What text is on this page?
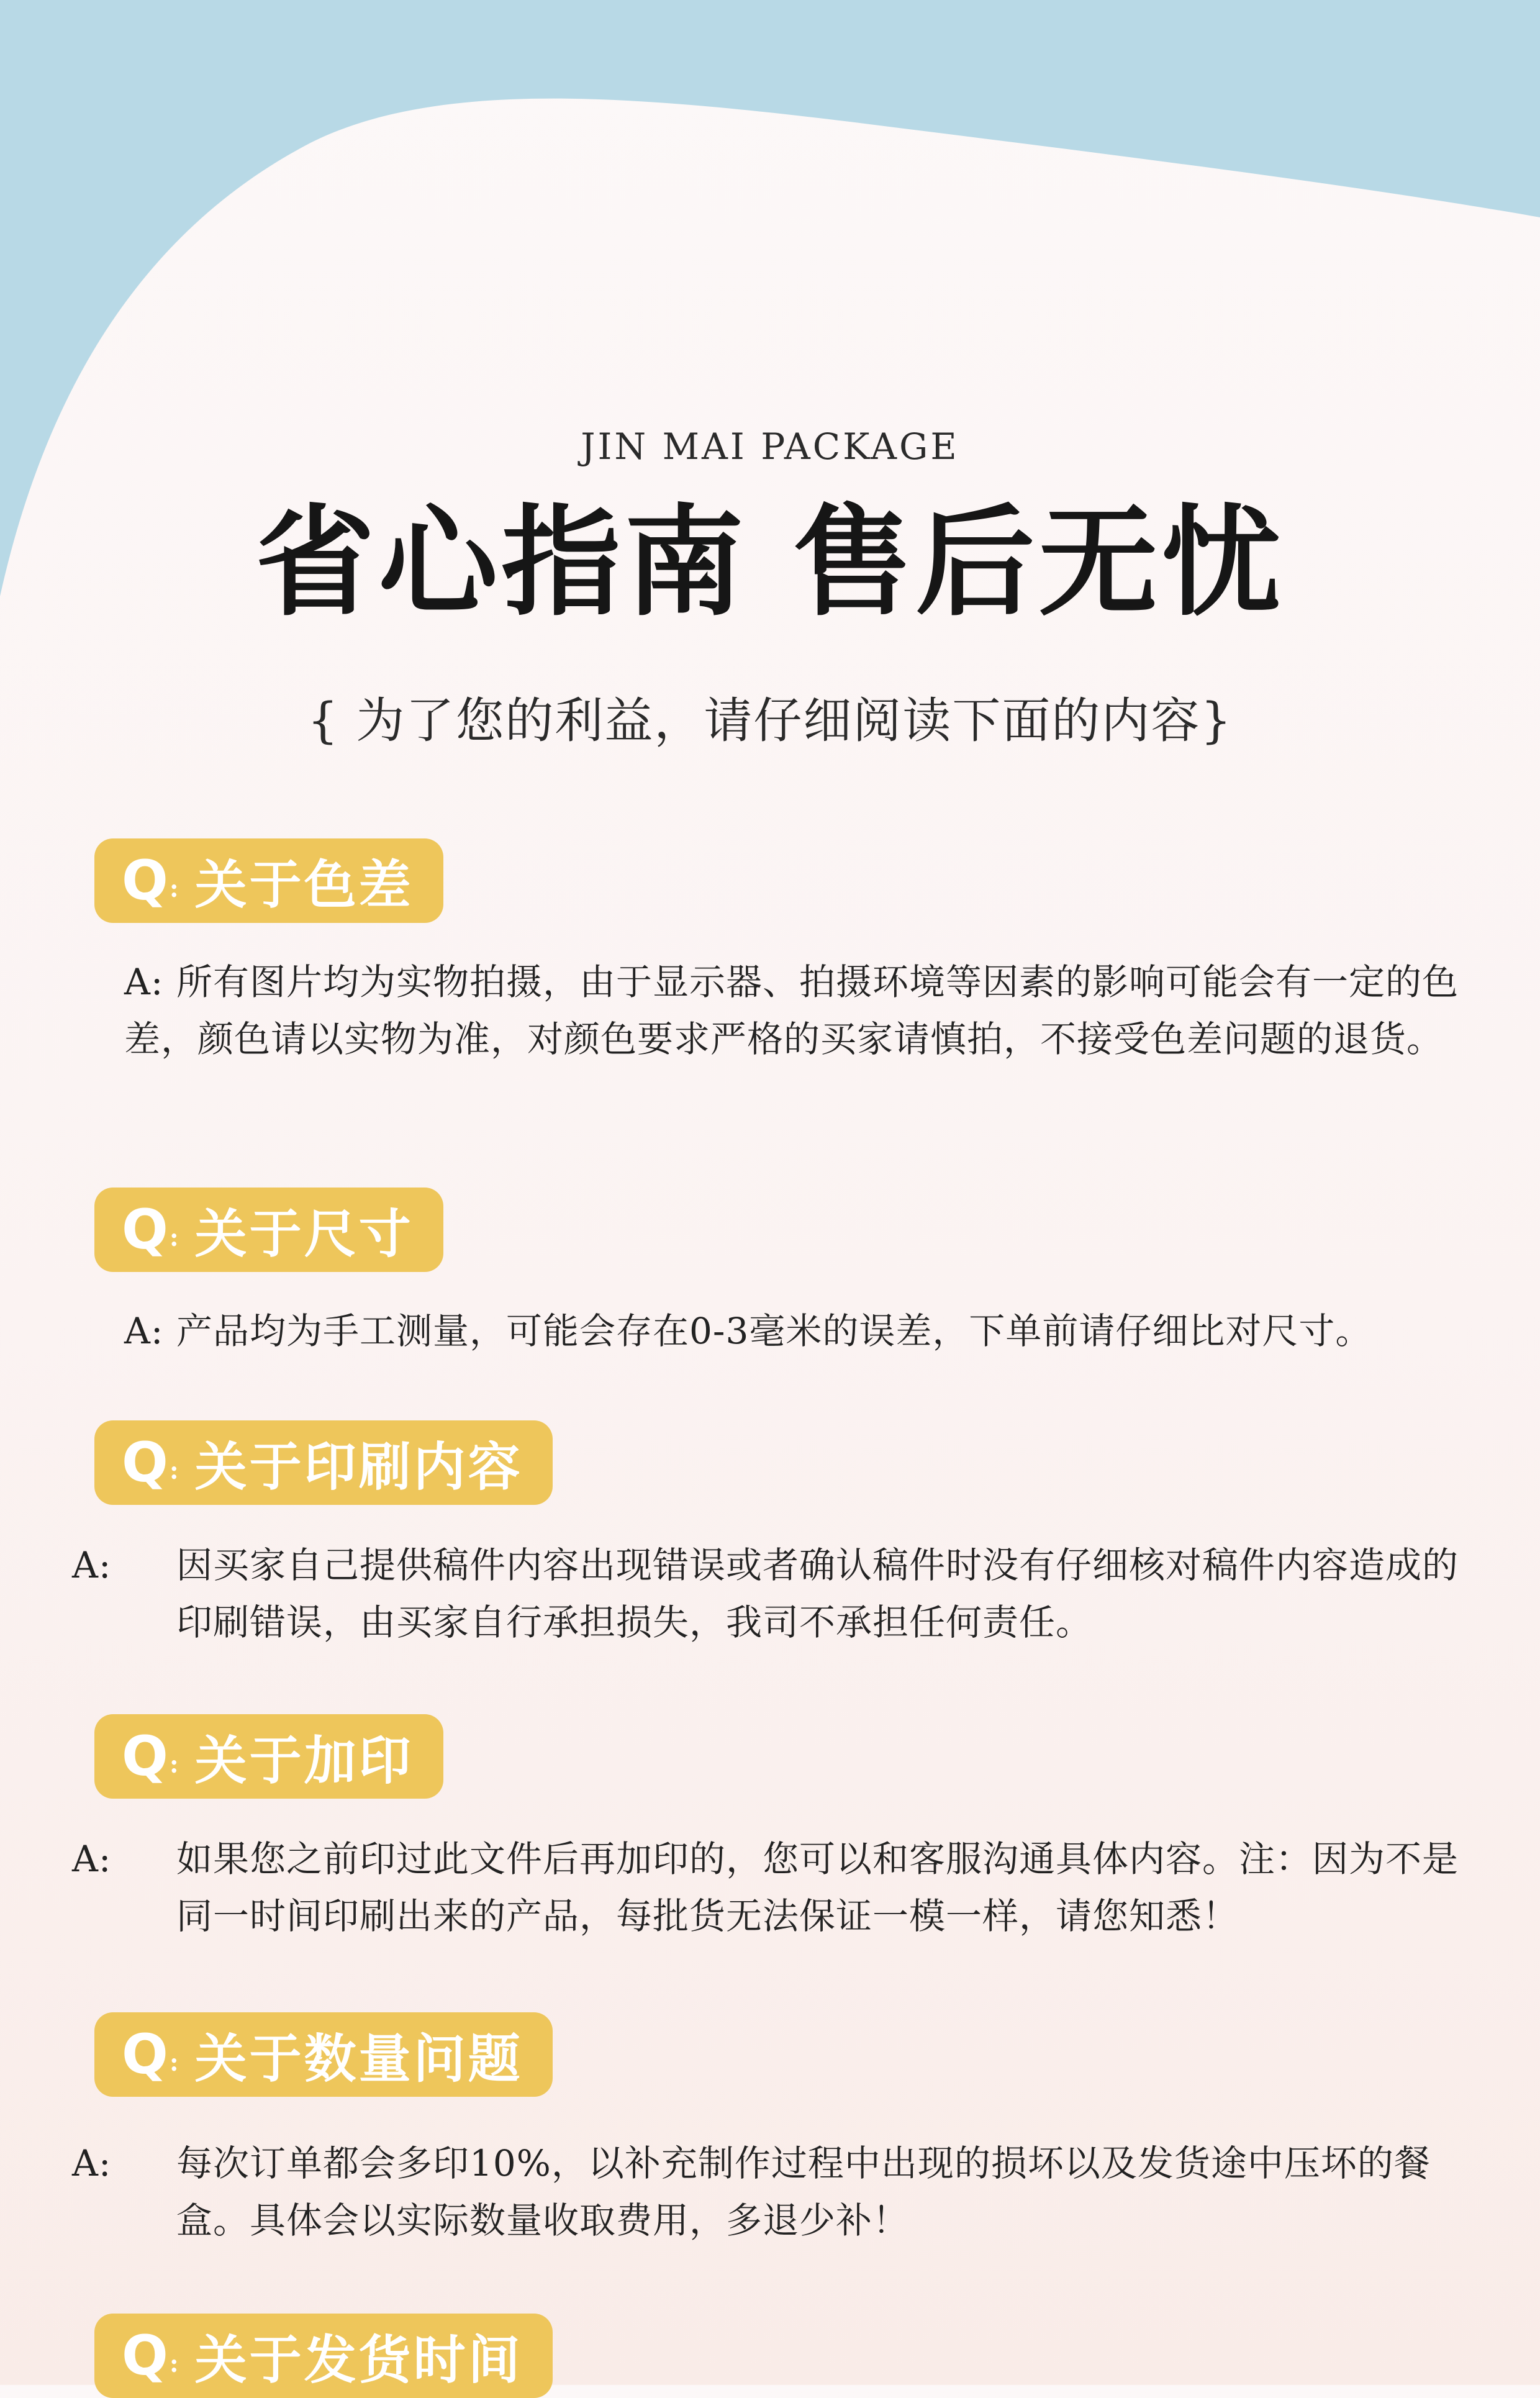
JIN MAI PACKAGE
省心指南 售后无忧
{ 为了您的利益，请仔细阅读下面的内容}
Q : 关于色差
A: 所有图片均为实物拍摄，由于显示器、拍摄环境等因素的影响可能会有一定的色差，颜色请以实物为准，对颜色要求严格的买家请慎拍，不接受色差问题的退货。
Q : 关于尺寸
A: 产品均为手工测量，可能会存在0-3毫米的误差，下单前请仔细比对尺寸。
Q : 关于印刷内容
A: 因买家自己提供稿件内容出现错误或者确认稿件时没有仔细核对稿件内容造成的印刷错误，由买家自行承担损失，我司不承担任何责任。
Q : 关于加印
A: 如果您之前印过此文件后再加印的，您可以和客服沟通具体内容。注：因为不是同一时间印刷出来的产品，每批货无法保证一模一样，请您知悉！
Q : 关于数量问题
A: 每次订单都会多印10%，以补充制作过程中出现的损坏以及发货途中压坏的餐盒。具体会以实际数量收取费用，多退少补！
Q : 关于发货时间
